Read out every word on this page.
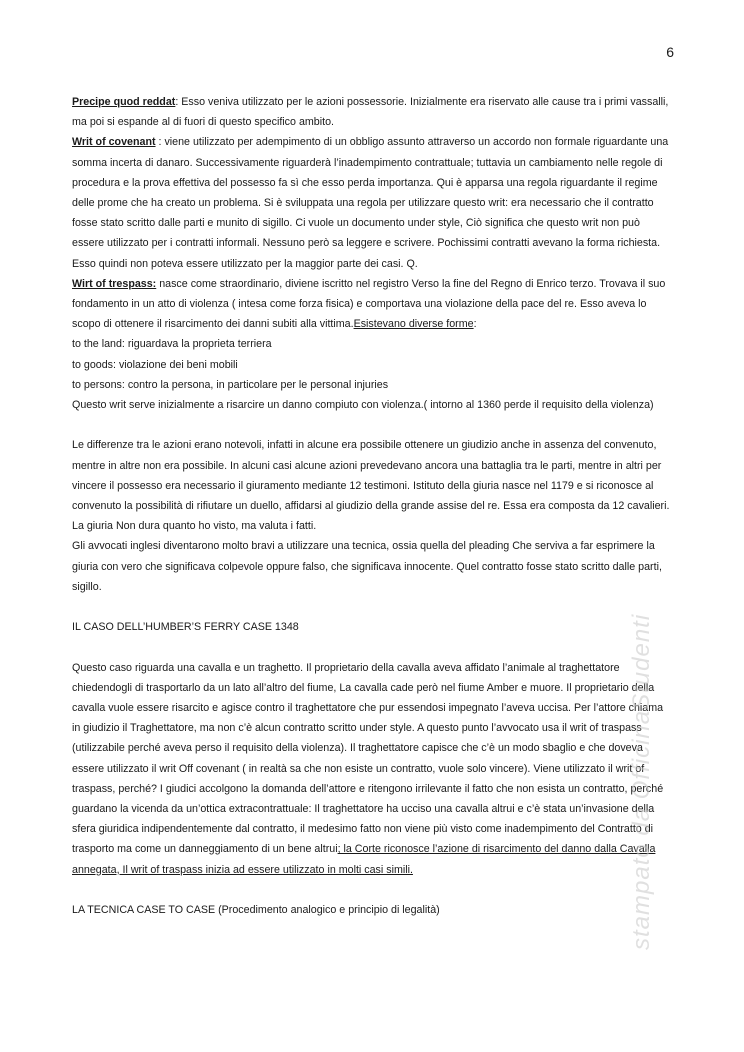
6

Precipe quod reddat: Esso veniva utilizzato per le azioni possessorie. Inizialmente era riservato alle cause tra i primi vassalli, ma poi si espande al di fuori di questo specifico ambito.

Writ of covenant : viene utilizzato per adempimento di un obbligo assunto attraverso un accordo non formale riguardante una somma incerta di danaro. Successivamente riguarderà l’inadempimento contrattuale; tuttavia un cambiamento nelle regole di procedura e la prova effettiva del possesso fa sì che esso perda importanza. Qui è apparsa una regola riguardante il regime delle prome che ha creato un problema. Si è sviluppata una regola per utilizzare questo writ: era necessario che il contratto fosse stato scritto dalle parti e munito di sigillo. Ci vuole un documento under style, Ciò significa che questo writ non può essere utilizzato per i contratti informali. Nessuno però sa leggere e scrivere. Pochissimi contratti avevano la forma richiesta. Esso quindi non poteva essere utilizzato per la maggior parte dei casi. Q.

Wirt of trespass: nasce come straordinario, diviene iscritto nel registro Verso la fine del Regno di Enrico terzo. Trovava il suo fondamento in un atto di violenza ( intesa come forza fisica) e comportava una violazione della pace del re. Esso aveva lo scopo di ottenere il risarcimento dei danni subiti alla vittima.Esistevano diverse forme:

to the land: riguardava la proprieta terriera

to goods: violazione dei beni mobili

to persons: contro la persona, in particolare per le personal injuries

Questo writ serve inizialmente a risarcire un danno compiuto con violenza.( intorno al 1360 perde il requisito della violenza)

Le differenze tra le azioni erano notevoli, infatti in alcune era possibile ottenere un giudizio anche in assenza del convenuto, mentre in altre non era possibile. In alcuni casi alcune azioni prevedevano ancora una battaglia tra le parti, mentre in altri per vincere il possesso era necessario il giuramento mediante 12 testimoni. Istituto della giuria nasce nel 1179 e si riconosce al convenuto la possibilità di rifiutare un duello, affidarsi al giudizio della grande assise del re. Essa era composta da 12 cavalieri. La giuria Non dura quanto ho visto, ma valuta i fatti.

Gli avvocati inglesi diventarono molto bravi a utilizzare una tecnica, ossia quella del pleading Che serviva a far esprimere la giuria con vero che significava colpevole oppure falso, che significava innocente. Quel contratto fosse stato scritto dalle parti, sigillo.

IL CASO DELL’HUMBER’S FERRY CASE 1348

Questo caso riguarda una cavalla e un traghetto. Il proprietario della cavalla aveva affidato l’animale al traghettatore chiedendogli di trasportarlo da un lato all’altro del fiume, La cavalla cade però nel fiume Amber e muore. Il proprietario della cavalla vuole essere risarcito e agisce contro il traghettatore che pur essendosi impegnato l’aveva uccisa. Per l’attore chiama in giudizio il Traghettatore, ma non c’è alcun contratto scritto under style. A questo punto l’avvocato usa il writ of traspass (utilizzabile perché aveva perso il requisito della violenza). Il traghettatore capisce che c’è un modo sbaglio e che doveva essere utilizzato il writ Off covenant ( in realtà sa che non esiste un contratto, vuole solo vincere). Viene utilizzato il writ of traspass, perché? I giudici accolgono la domanda dell’attore e ritengono irrilevante il fatto che non esista un contratto, perché guardano la vicenda da un’ottica extracontrattuale: Il traghettatore ha ucciso una cavalla altrui e c’è stata un’invasione della sfera giuridica indipendentemente dal contratto, il medesimo fatto non viene più visto come inadempimento del Contratto di trasporto ma come un danneggiamento di un bene altrui; la Corte riconosce l’azione di risarcimento del danno dalla Cavalla annegata, Il writ of traspass inizia ad essere utilizzato in molti casi simili.

LA TECNICA CASE TO CASE (Procedimento analogico e principio di legalità)	stampato da OfficinaStudenti
